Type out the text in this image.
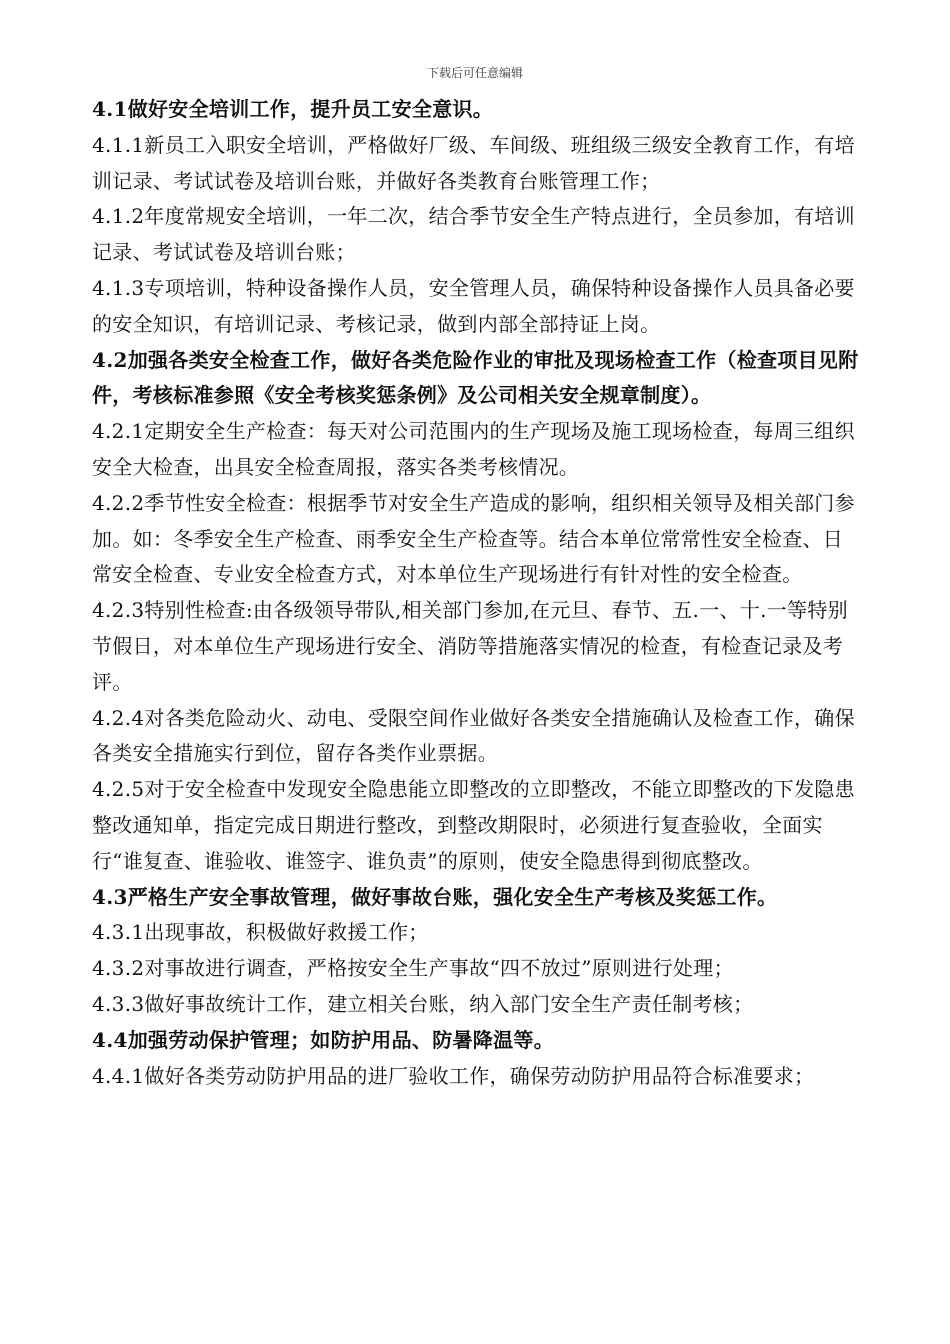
下载后可任意编辑

4.1做好安全培训工作，提升员工安全意识。

4.1.1新员工入职安全培训，严格做好厂级、车间级、班组级三级安全教育工作，有培训记录、考试试卷及培训台账，并做好各类教育台账管理工作；

4.1.2年度常规安全培训，一年二次，结合季节安全生产特点进行，全员参加，有培训记录、考试试卷及培训台账；

4.1.3专项培训，特种设备操作人员，安全管理人员，确保特种设备操作人员具备必要的安全知识，有培训记录、考核记录，做到内部全部持证上岗。

4.2加强各类安全检查工作，做好各类危险作业的审批及现场检查工作（检查项目见附件，考核标准参照《安全考核奖惩条例》及公司相关安全规章制度）。

4.2.1定期安全生产检查：每天对公司范围内的生产现场及施工现场检查，每周三组织安全大检查，出具安全检查周报，落实各类考核情况。

4.2.2季节性安全检查：根据季节对安全生产造成的影响，组织相关领导及相关部门参加。如：冬季安全生产检查、雨季安全生产检查等。结合本单位常常性安全检查、日常安全检查、专业安全检查方式，对本单位生产现场进行有针对性的安全检查。

4.2.3特别性检查:由各级领导带队,相关部门参加,在元旦、春节、五.一、十.一等特别节假日，对本单位生产现场进行安全、消防等措施落实情况的检查，有检查记录及考评。

4.2.4对各类危险动火、动电、受限空间作业做好各类安全措施确认及检查工作，确保各类安全措施实行到位，留存各类作业票据。

4.2.5对于安全检查中发现安全隐患能立即整改的立即整改，不能立即整改的下发隐患整改通知单，指定完成日期进行整改，到整改期限时，必须进行复查验收，全面实行“谁复查、谁验收、谁签字、谁负责”的原则，使安全隐患得到彻底整改。

4.3严格生产安全事故管理，做好事故台账，强化安全生产考核及奖惩工作。

4.3.1出现事故，积极做好救援工作；

4.3.2对事故进行调查，严格按安全生产事故“四不放过”原则进行处理；

4.3.3做好事故统计工作，建立相关台账，纳入部门安全生产责任制考核；

4.4加强劳动保护管理；如防护用品、防暑降温等。

4.4.1做好各类劳动防护用品的进厂验收工作，确保劳动防护用品符合标准要求；
